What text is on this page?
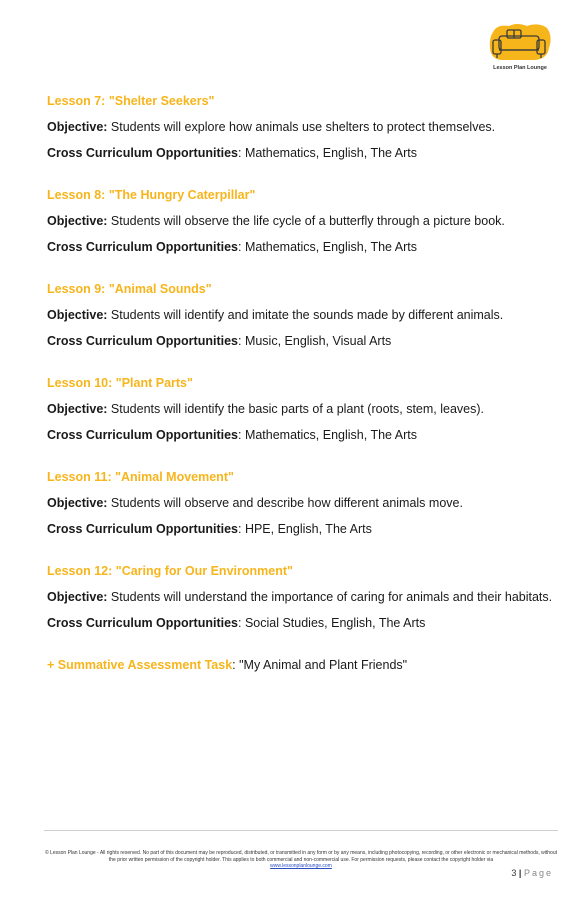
Lesson Plan Lounge
Lesson 7: "Shelter Seekers"
Objective: Students will explore how animals use shelters to protect themselves.
Cross Curriculum Opportunities: Mathematics, English, The Arts
Lesson 8: "The Hungry Caterpillar"
Objective: Students will observe the life cycle of a butterfly through a picture book.
Cross Curriculum Opportunities: Mathematics, English, The Arts
Lesson 9: "Animal Sounds"
Objective: Students will identify and imitate the sounds made by different animals.
Cross Curriculum Opportunities: Music, English, Visual Arts
Lesson 10: "Plant Parts"
Objective: Students will identify the basic parts of a plant (roots, stem, leaves).
Cross Curriculum Opportunities: Mathematics, English, The Arts
Lesson 11: "Animal Movement"
Objective: Students will observe and describe how different animals move.
Cross Curriculum Opportunities: HPE, English, The Arts
Lesson 12: "Caring for Our Environment"
Objective: Students will understand the importance of caring for animals and their habitats.
Cross Curriculum Opportunities: Social Studies, English, The Arts
+ Summative Assessment Task: "My Animal and Plant Friends"
© Lesson Plan Lounge - All rights reserved. No part of this document may be reproduced, distributed, or transmitted in any form or by any means, including photocopying, recording, or other electronic or mechanical methods, without the prior written permission of the copyright holder. This applies to both commercial and non-commercial use. For permission requests, please contact the copyright holder via
www.lessonplanlounge.com
3 | Page
